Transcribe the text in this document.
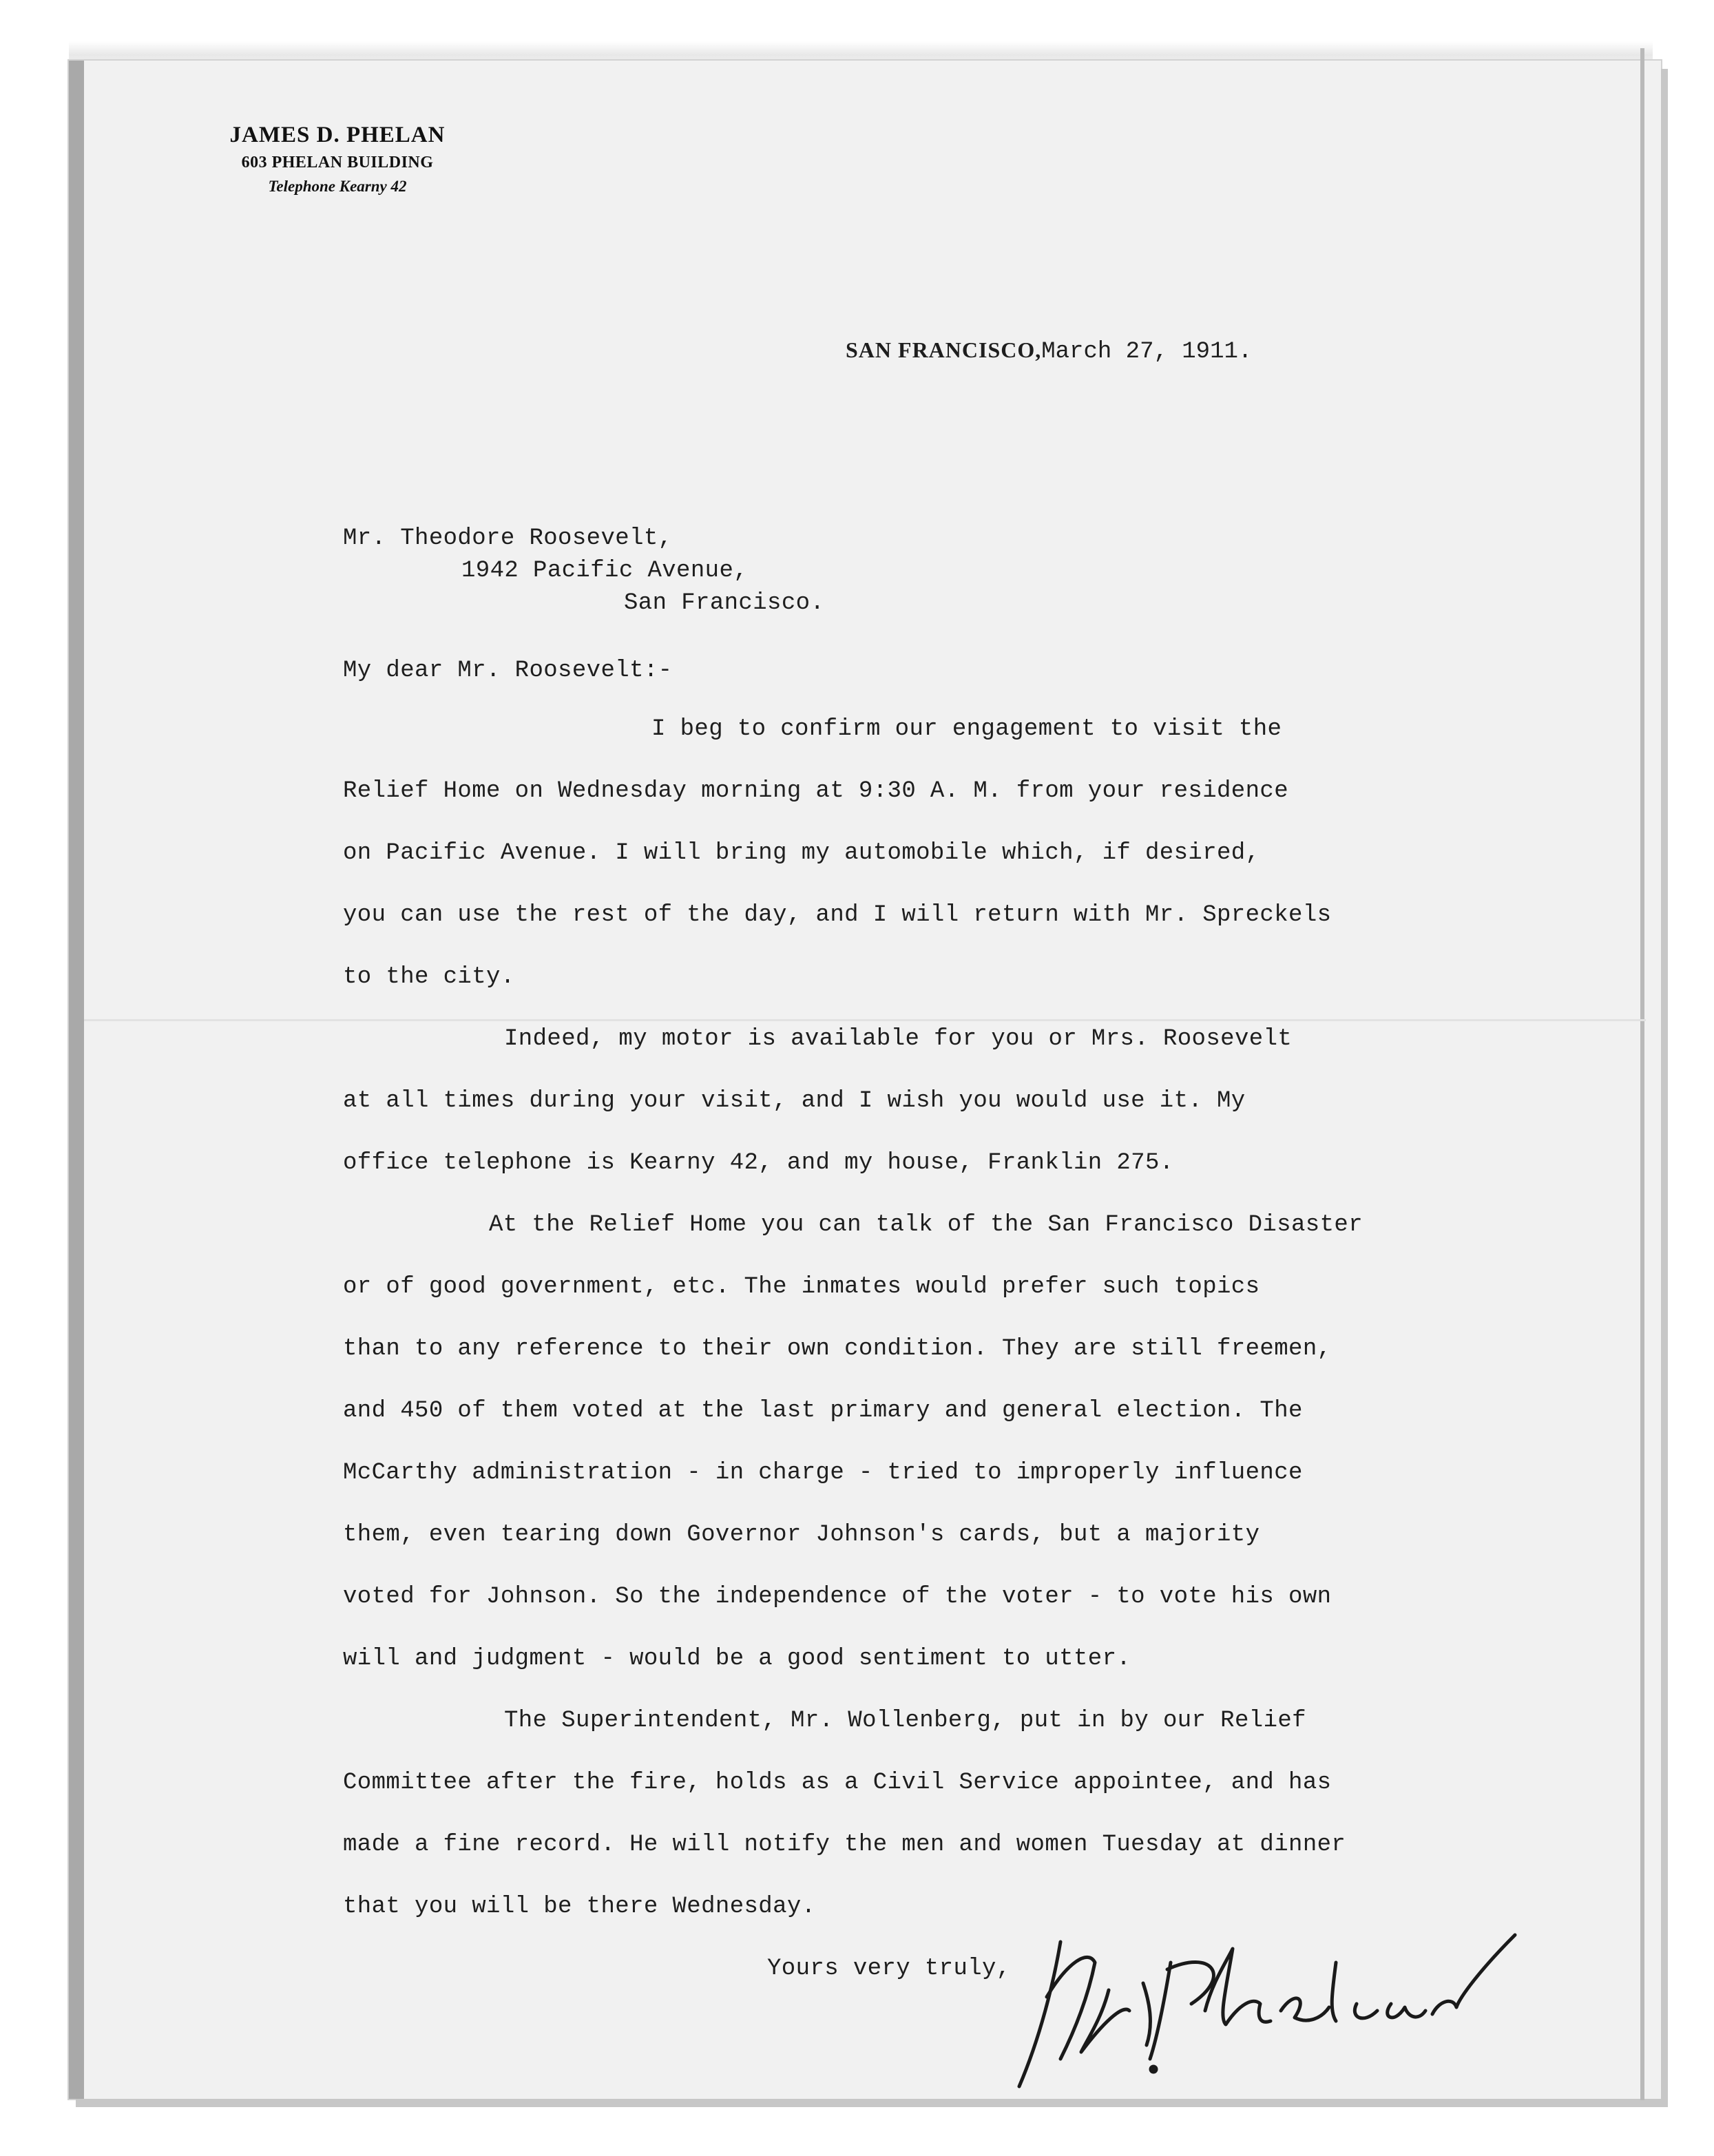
JAMES D. PHELAN
603 PHELAN BUILDING
Telephone Kearny 42
SAN FRANCISCO,March 27, 1911.
Mr. Theodore Roosevelt,
1942 Pacific Avenue,
San Francisco.
My dear Mr. Roosevelt:-
I beg to confirm our engagement to visit the
Relief Home on Wednesday morning at 9:30 A. M. from your residence
on Pacific Avenue. I will bring my automobile which, if desired,
you can use the rest of the day, and I will return with Mr. Spreckels
to the city.
Indeed, my motor is available for you or Mrs. Roosevelt
at all times during your visit, and I wish you would use it. My
office telephone is Kearny 42, and my house, Franklin 275.
At the Relief Home you can talk of the San Francisco Disaster
or of good government, etc. The inmates would prefer such topics
than to any reference to their own condition. They are still freemen,
and 450 of them voted at the last primary and general election. The
McCarthy administration - in charge - tried to improperly influence
them, even tearing down Governor Johnson's cards, but a majority
voted for Johnson. So the independence of the voter - to vote his own
will and judgment - would be a good sentiment to utter.
The Superintendent, Mr. Wollenberg, put in by our Relief
Committee after the fire, holds as a Civil Service appointee, and has
made a fine record. He will notify the men and women Tuesday at dinner
that you will be there Wednesday.
Yours very truly,
